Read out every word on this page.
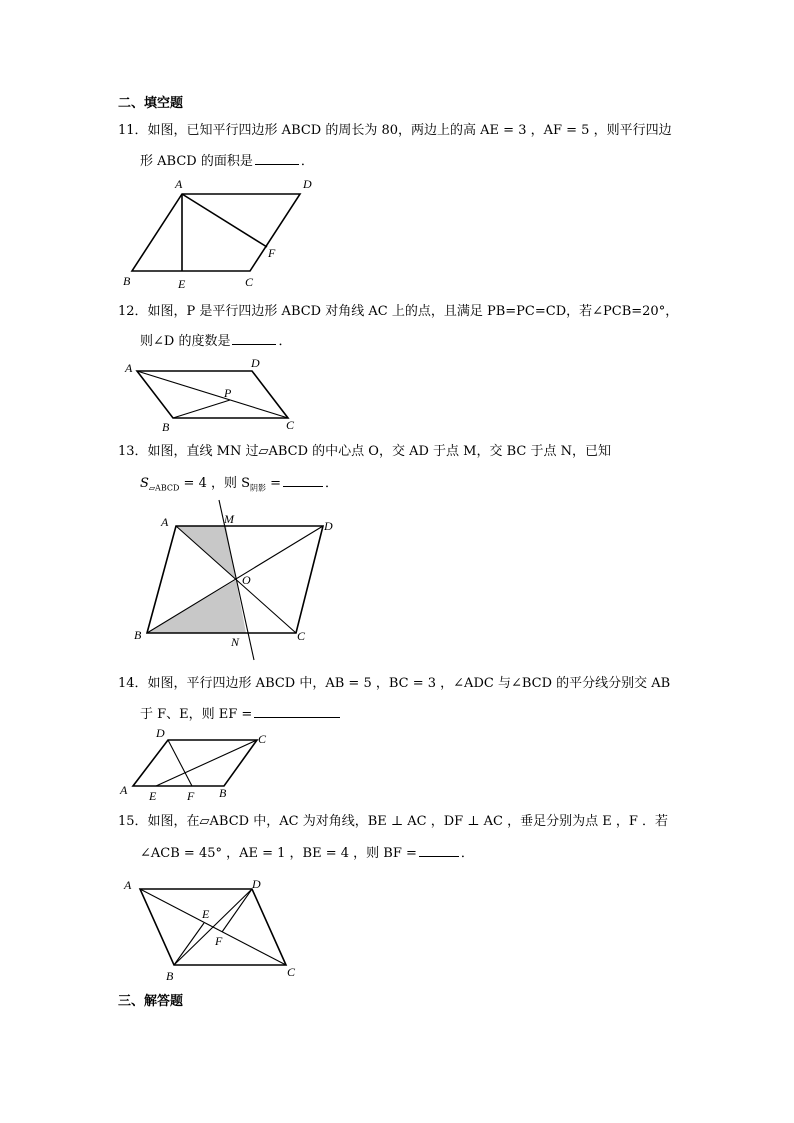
二、填空题
11．如图，已知平行四边形 ABCD 的周长为 80，两边上的高 AE = 3 ，AF = 5 ，则平行四边
形 ABCD 的面积是	．
A	D
B	E	C
F
12．如图，P 是平行四边形 ABCD 对角线 AC 上的点，且满足 PB=PC=CD，若∠PCB=20°，
则∠D 的度数是	．
A	D
P
B	C
13．如图，直线 MN 过▱ABCD 的中心点 O，交 AD 于点 M，交 BC 于点 N，已知
$S_{▱ABCD} = 4$ ，则 $S_{阴影}$ =	．
A	M	D
O
B	N	C
14．如图，平行四边形 ABCD 中，AB = 5 ，BC = 3 ，∠ADC 与∠BCD 的平分线分别交 AB
于 F、E，则 EF =
D	C
A E	F B
15．如图，在▱ABCD 中，AC 为对角线，BE ⊥ AC ，DF ⊥ AC ，垂足分别为点 E ，F ．若
∠ACB = 45° ，AE = 1 ，BE = 4 ，则 BF =	．
A	D
E
F
B	C
三、解答题
